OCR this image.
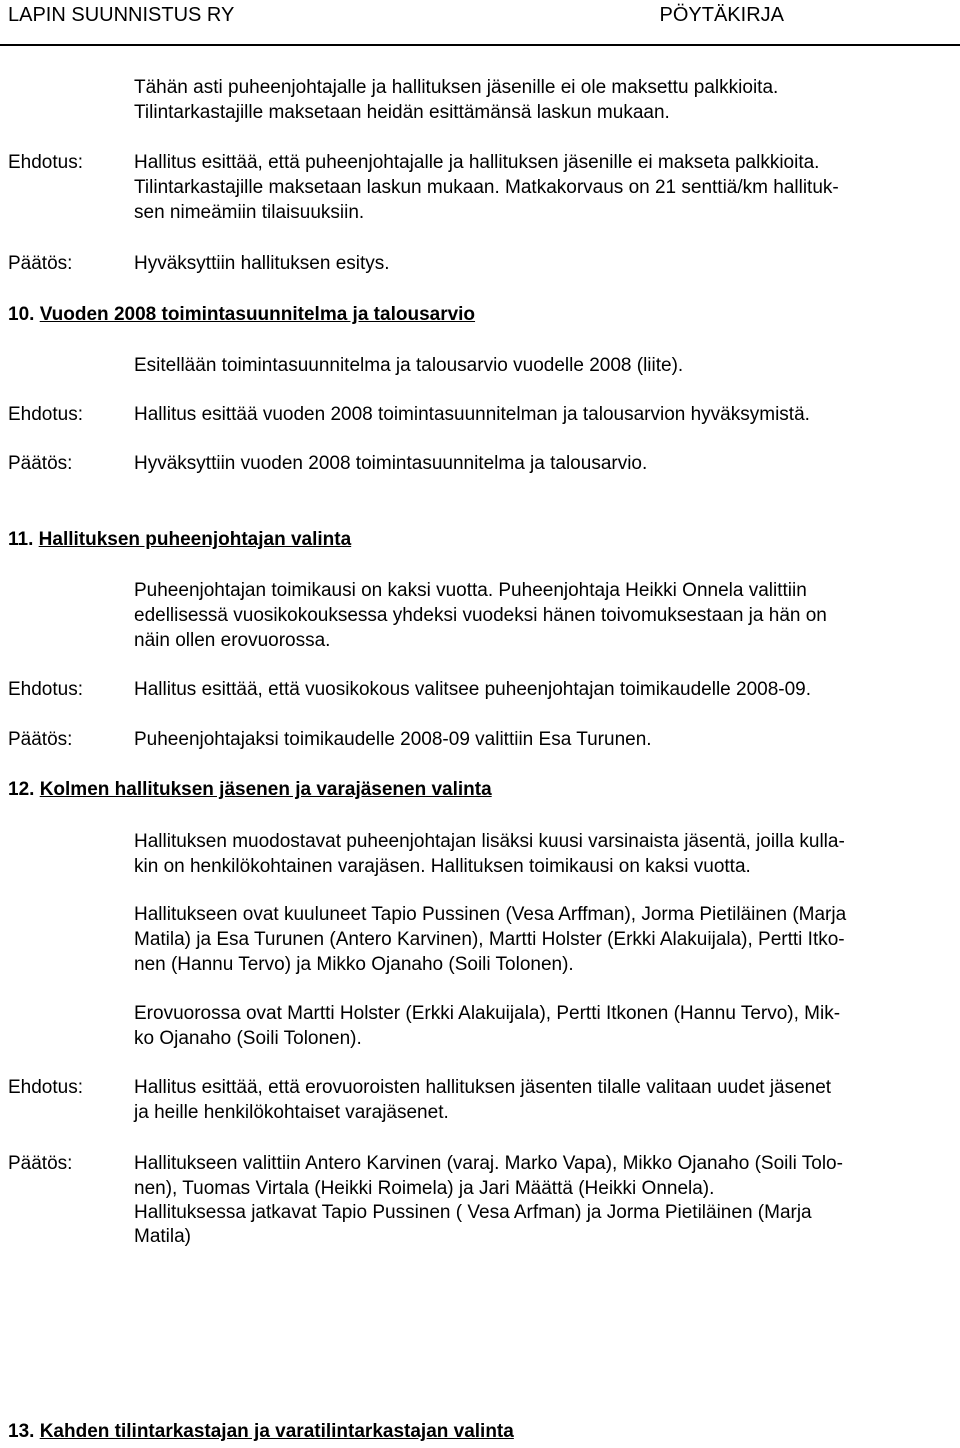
LAPIN SUUNNISTUS RY	PÖYTÄKIRJA
Tähän asti puheenjohtajalle ja hallituksen jäsenille ei ole maksettu palkkioita.
Tilintarkastajille maksetaan heidän esittämänsä laskun mukaan.
Ehdotus:	Hallitus esittää, että puheenjohtajalle ja hallituksen jäsenille ei makseta palkkioita.
Tilintarkastajille maksetaan laskun mukaan. Matkakorvaus on 21 senttiä/km hallituk-
sen nimeämiin tilaisuuksiin.
Päätös:	Hyväksyttiin hallituksen esitys.
10. Vuoden 2008 toimintasuunnitelma ja talousarvio
Esitellään toimintasuunnitelma ja talousarvio vuodelle 2008 (liite).
Ehdotus:	Hallitus esittää vuoden 2008 toimintasuunnitelman ja talousarvion hyväksymistä.
Päätös:	Hyväksyttiin vuoden 2008 toimintasuunnitelma ja talousarvio.
11. Hallituksen puheenjohtajan valinta
Puheenjohtajan toimikausi on kaksi vuotta. Puheenjohtaja Heikki Onnela valittiin
edellisessä vuosikokouksessa yhdeksi vuodeksi hänen toivomuksestaan ja hän on
näin ollen erovuorossa.
Ehdotus:	Hallitus esittää, että vuosikokous valitsee puheenjohtajan toimikaudelle 2008-09.
Päätös:	Puheenjohtajaksi toimikaudelle 2008-09 valittiin Esa Turunen.
12. Kolmen hallituksen jäsenen ja varajäsenen valinta
Hallituksen muodostavat puheenjohtajan lisäksi kuusi varsinaista jäsentä, joilla kulla-
kin on henkilökohtainen varajäsen. Hallituksen toimikausi on kaksi vuotta.
Hallitukseen ovat kuuluneet Tapio Pussinen (Vesa Arffman), Jorma Pietiläinen (Marja
Matila) ja Esa Turunen (Antero Karvinen), Martti Holster (Erkki Alakuijala), Pertti Itko-
nen (Hannu Tervo) ja Mikko Ojanaho (Soili Tolonen).
Erovuorossa ovat Martti Holster (Erkki Alakuijala), Pertti Itkonen (Hannu Tervo), Mik-
ko Ojanaho (Soili Tolonen).
Ehdotus:	Hallitus esittää, että erovuoroisten hallituksen jäsenten tilalle valitaan uudet jäsenet
ja heille henkilökohtaiset varajäsenet.
Päätös:	Hallitukseen valittiin Antero Karvinen (varaj. Marko Vapa), Mikko Ojanaho (Soili Tolo-
nen), Tuomas Virtala (Heikki Roimela) ja Jari Määttä (Heikki Onnela).
Hallituksessa jatkavat Tapio Pussinen ( Vesa Arfman) ja Jorma Pietiläinen (Marja
Matila)
13. Kahden tilintarkastajan ja varatilintarkastajan valinta
